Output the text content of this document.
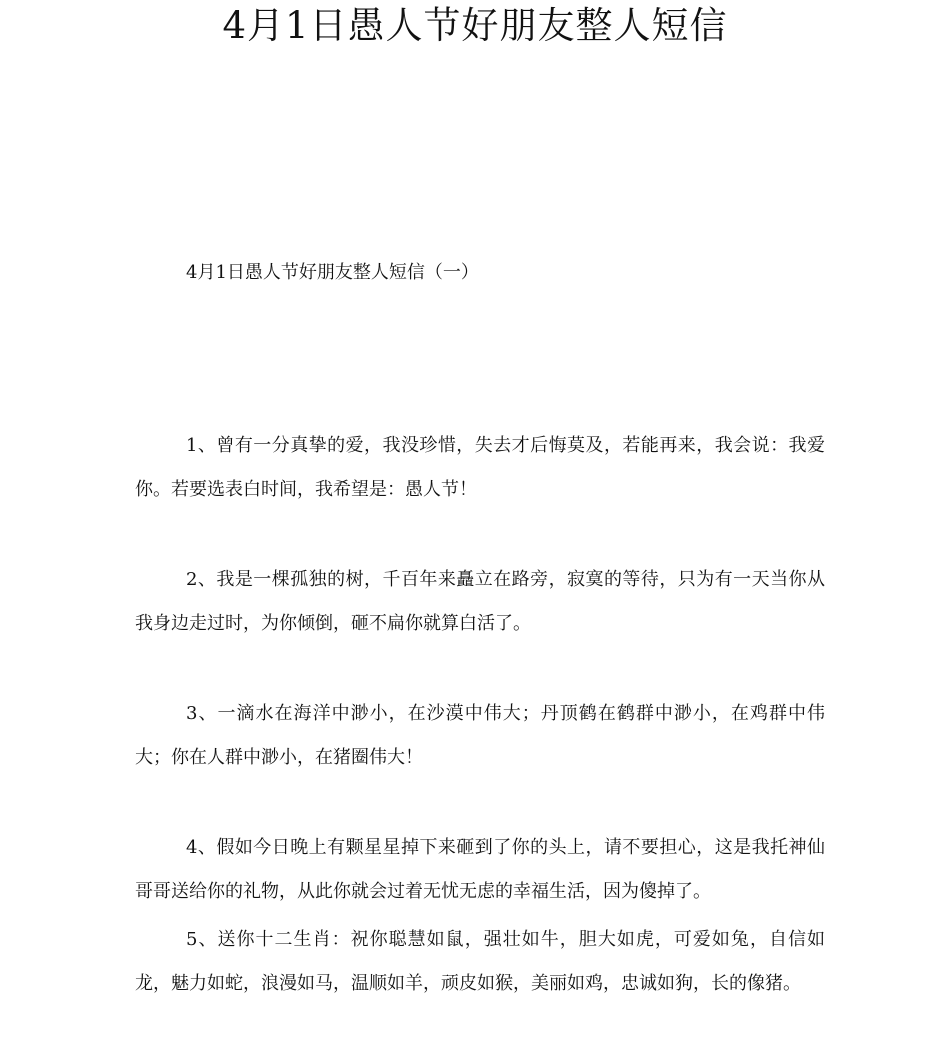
4月1日愚人节好朋友整人短信
4月1日愚人节好朋友整人短信（一）

1、曾有一分真挚的爱，我没珍惜，失去才后悔莫及，若能再来，我会说：我爱你。若要选表白时间，我希望是：愚人节！

2、我是一棵孤独的树，千百年来矗立在路旁，寂寞的等待，只为有一天当你从我身边走过时，为你倾倒，砸不扁你就算白活了。

3、一滴水在海洋中渺小，在沙漠中伟大；丹顶鹤在鹤群中渺小，在鸡群中伟大；你在人群中渺小，在猪圈伟大！

4、假如今日晚上有颗星星掉下来砸到了你的头上，请不要担心，这是我托神仙哥哥送给你的礼物，从此你就会过着无忧无虑的幸福生活，因为傻掉了。

5、送你十二生肖：祝你聪慧如鼠，强壮如牛，胆大如虎，可爱如兔，自信如龙，魅力如蛇，浪漫如马，温顺如羊，顽皮如猴，美丽如鸡，忠诚如狗，长的像猪。
